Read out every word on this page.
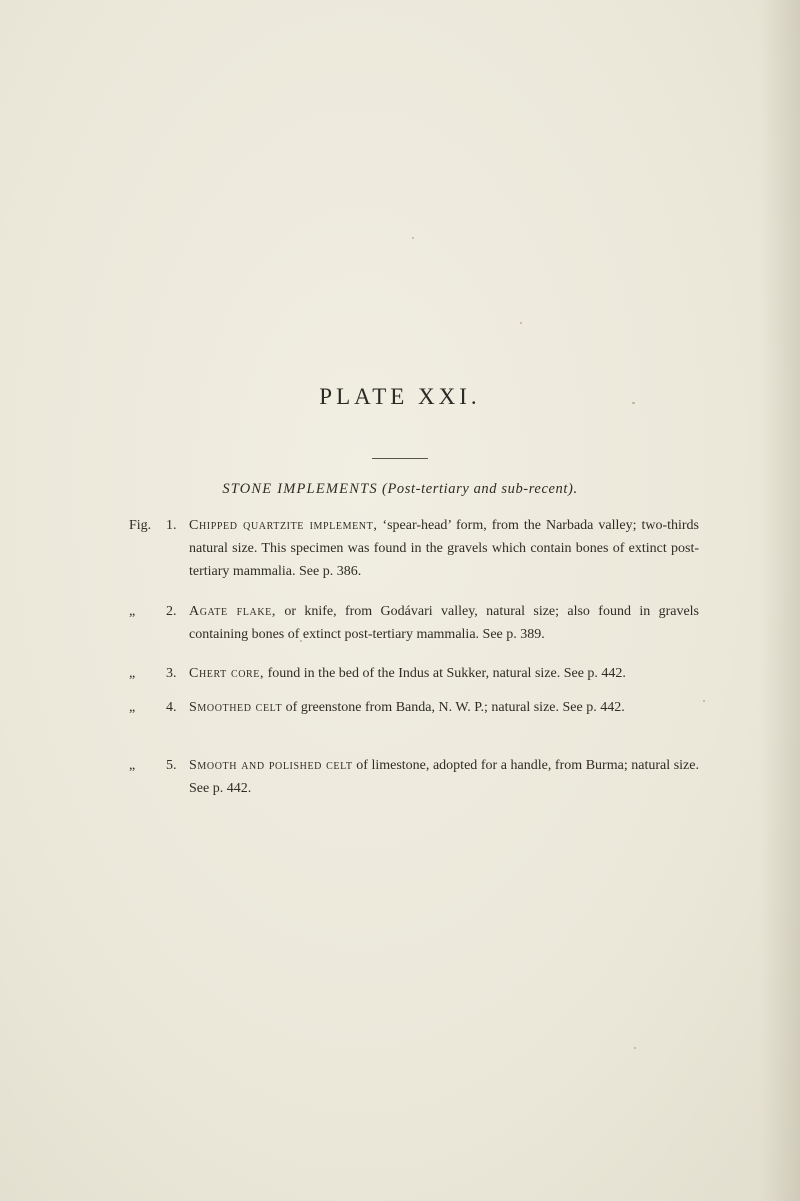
PLATE XXI.
STONE IMPLEMENTS (Post-tertiary and sub-recent).
Fig. 1. Chipped quartzite implement, ‘spear-head’ form, from the Narbada valley; two-thirds natural size. This specimen was found in the gravels which contain bones of extinct post-tertiary mammalia. See p. 386.
„ 2. Agate flake, or knife, from Godávari valley, natural size; also found in gravels containing bones of extinct post-tertiary mammalia. See p. 389.
„ 3. Chert core, found in the bed of the Indus at Sukker, natural size. See p. 442.
„ 4. Smoothed celt of greenstone from Banda, N. W. P.; natural size. See p. 442.
„ 5. Smooth and polished celt of limestone, adopted for a handle, from Burma; natural size. See p. 442.
